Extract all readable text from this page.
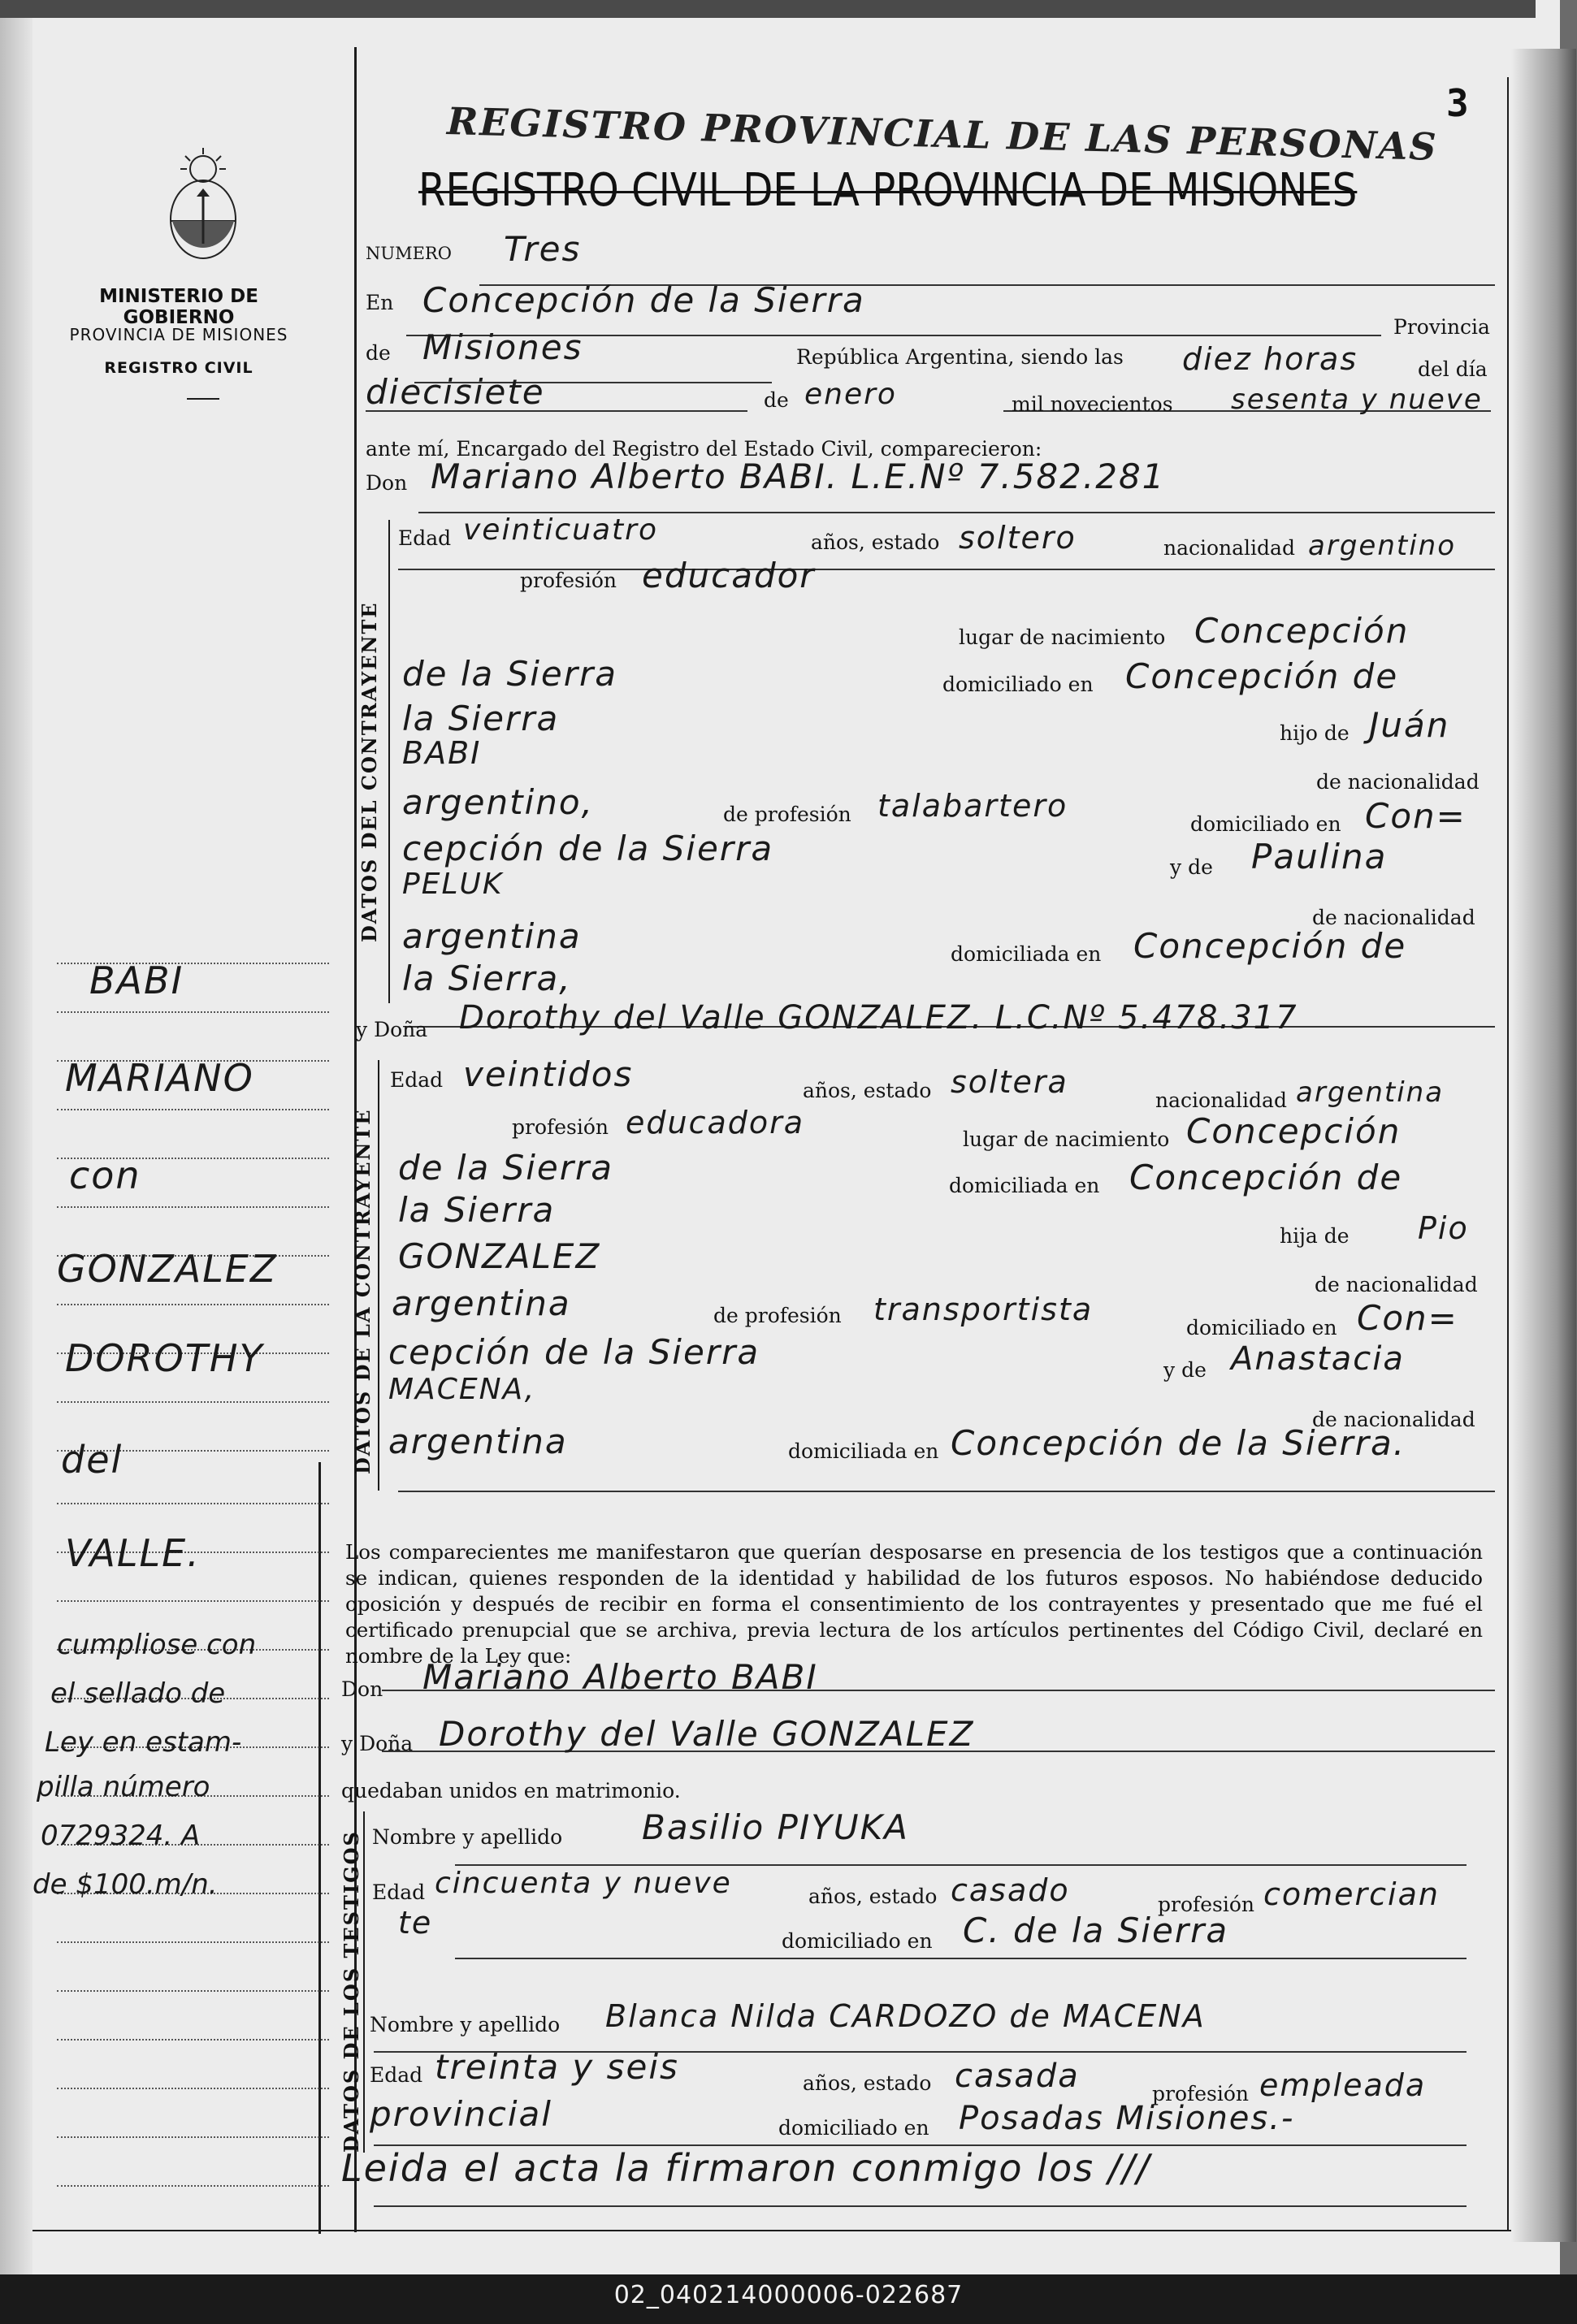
3
REGISTRO PROVINCIAL DE LAS PERSONAS
REGISTRO CIVIL DE LA PROVINCIA DE MISIONES
MINISTERIO DE GOBIERNO
PROVINCIA DE MISIONES
REGISTRO CIVIL
BABI
MARIANO
con
GONZALEZ
DOROTHY
del
VALLE.
cumpliose con
el sellado de
Ley en estam-
pilla número
0729324. A
de $100.m/n.
NUMERO Tres
En Concepción de la Sierra
Provincia
de Misiones	República Argentina, siendo las diez horas	del día
diecisiete	de enero	mil novecientos sesenta y nueve
ante mí, Encargado del Registro del Estado Civil, comparecieron:
Don Mariano Alberto BABI. L.E.Nº 7.582.281
DATOS DEL CONTRAYENTE
Edad veinticuatro	años, estado soltero	nacionalidad argentino
profesión educador
lugar de nacimiento Concepción
de la Sierra	domiciliado en Concepción de
la Sierra	hijo de Juán
BABI
de nacionalidad
argentino,	de profesión talabartero
domiciliado en Con=
cepción de la Sierra	y de Paulina
PELUK
de nacionalidad
argentina	domiciliada en Concepción de
la Sierra,
y Doña Dorothy del Valle GONZALEZ. L.C.Nº 5.478.317
DATOS DE LA CONTRAYENTE
Edad veintidos	años, estado soltera
nacionalidad argentina
profesión educadora	lugar de nacimiento Concepción
de la Sierra	domiciliada en Concepción de
la Sierra
hija de Pio
GONZALEZ
de nacionalidad
argentina	de profesión transportista
domiciliado en Con=
cepción de la Sierra	y de Anastacia
MACENA,
de nacionalidad
argentina	domiciliada en Concepción de la Sierra.
Los comparecientes me manifestaron que querían desposarse en presencia de los testigos que a continuación se indican, quienes responden de la identidad y habilidad de los futuros esposos. No habiéndose deducido oposición y después de recibir en forma el consentimiento de los contrayentes y presentado que me fué el certificado prenupcial que se archiva, previa lectura de los artículos pertinentes del Código Civil, declaré en nombre de la Ley que:
Don Mariano Alberto BABI
y Doña Dorothy del Valle GONZALEZ
quedaban unidos en matrimonio.
DATOS DE LOS TESTIGOS Nombre y apellido Basilio PIYUKA
Edad cincuenta y nueve	años, estado casado	profesión comercian
te
domiciliado en C. de la Sierra
Nombre y apellido Blanca Nilda CARDOZO de MACENA
Edad treinta y seis	años, estado casada	profesión empleada
provincial	domiciliado en Posadas Misiones.-
Leida el acta la firmaron conmigo los ///
02_040214000006-022687
